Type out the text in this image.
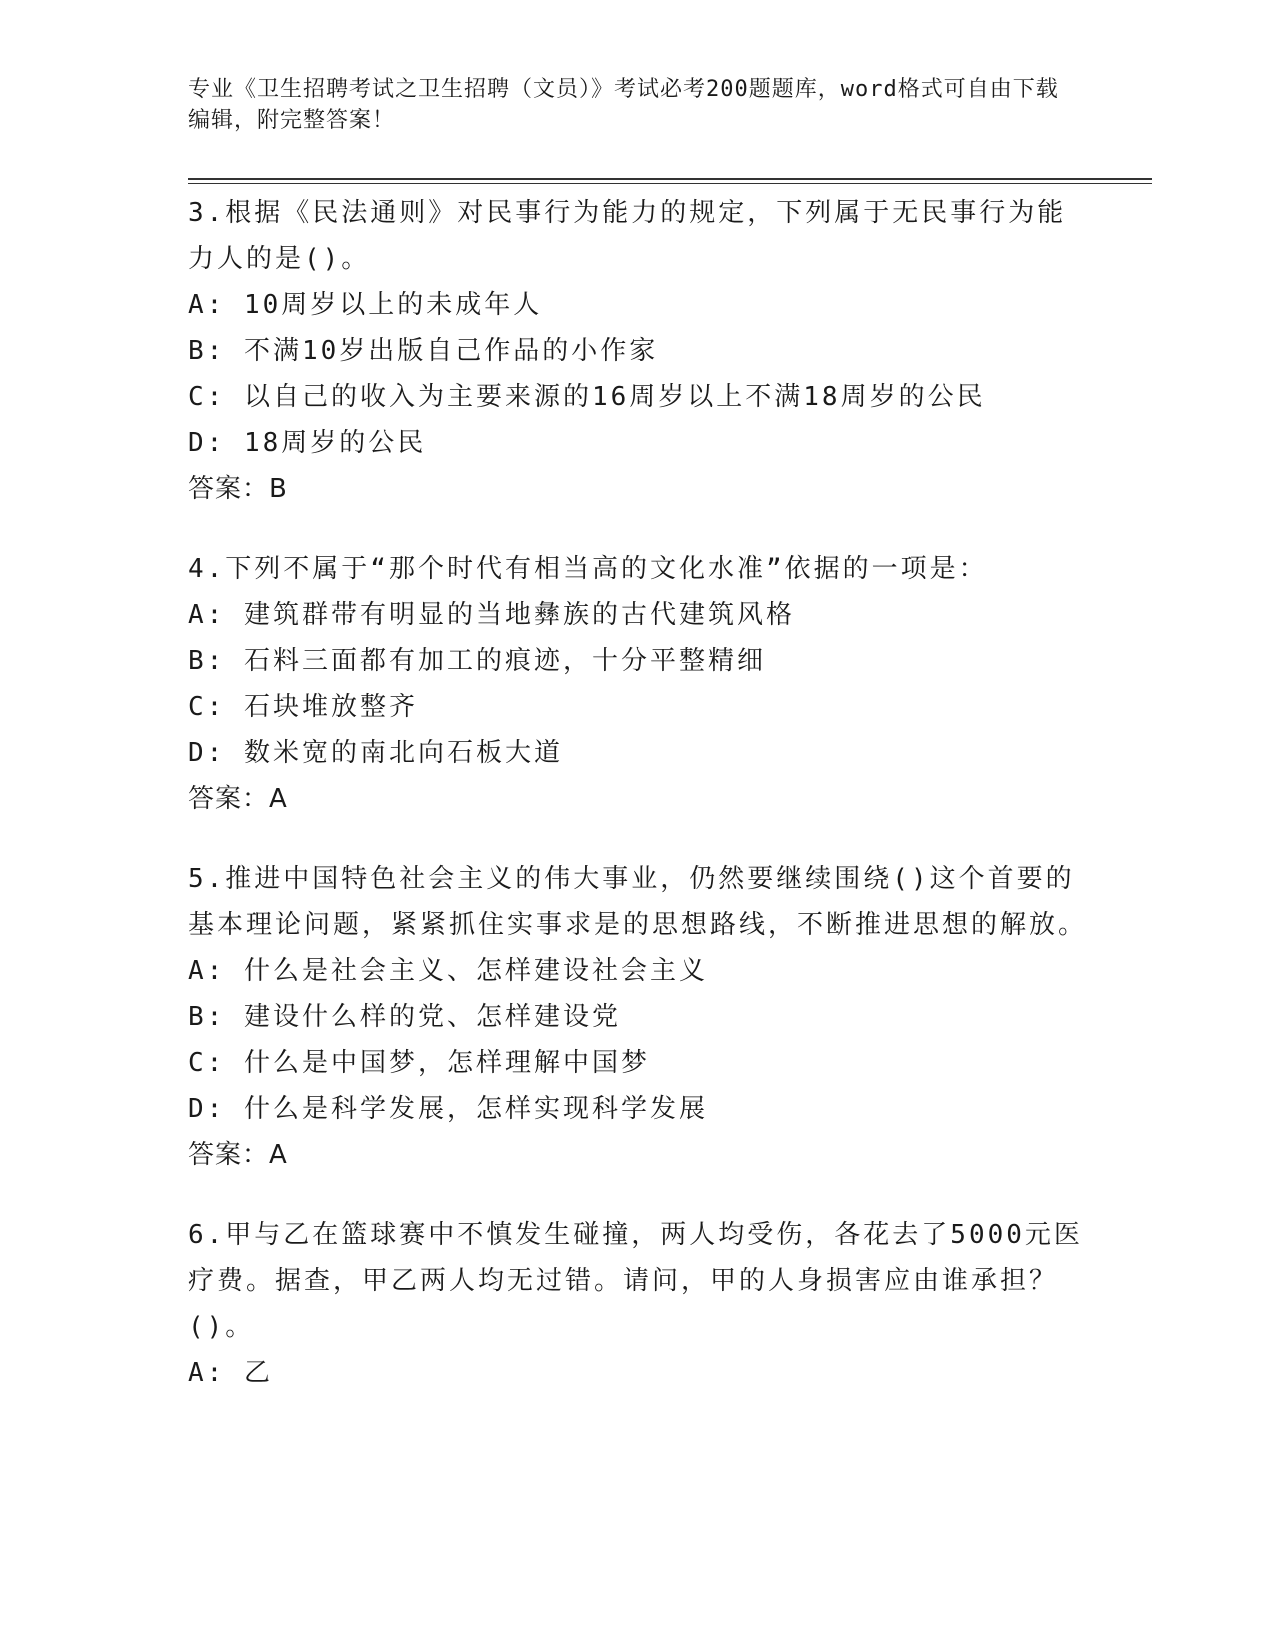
专业《卫生招聘考试之卫生招聘（文员）》考试必考200题题库，word格式可自由下载编辑，附完整答案！

3.根据《民法通则》对民事行为能力的规定，下列属于无民事行为能力人的是()。

A: 10周岁以上的未成年人
B: 不满10岁出版自己作品的小作家
C: 以自己的收入为主要来源的16周岁以上不满18周岁的公民
D: 18周岁的公民
答案：B

4.下列不属于“那个时代有相当高的文化水准”依据的一项是：

A: 建筑群带有明显的当地彝族的古代建筑风格
B: 石料三面都有加工的痕迹，十分平整精细
C: 石块堆放整齐
D: 数米宽的南北向石板大道
答案：A

5.推进中国特色社会主义的伟大事业，仍然要继续围绕()这个首要的基本理论问题，紧紧抓住实事求是的思想路线，不断推进思想的解放。

A: 什么是社会主义、怎样建设社会主义
B: 建设什么样的党、怎样建设党
C: 什么是中国梦，怎样理解中国梦
D: 什么是科学发展，怎样实现科学发展
答案：A

6.甲与乙在篮球赛中不慎发生碰撞，两人均受伤，各花去了5000元医疗费。据查，甲乙两人均无过错。请问，甲的人身损害应由谁承担？()。

A: 乙
